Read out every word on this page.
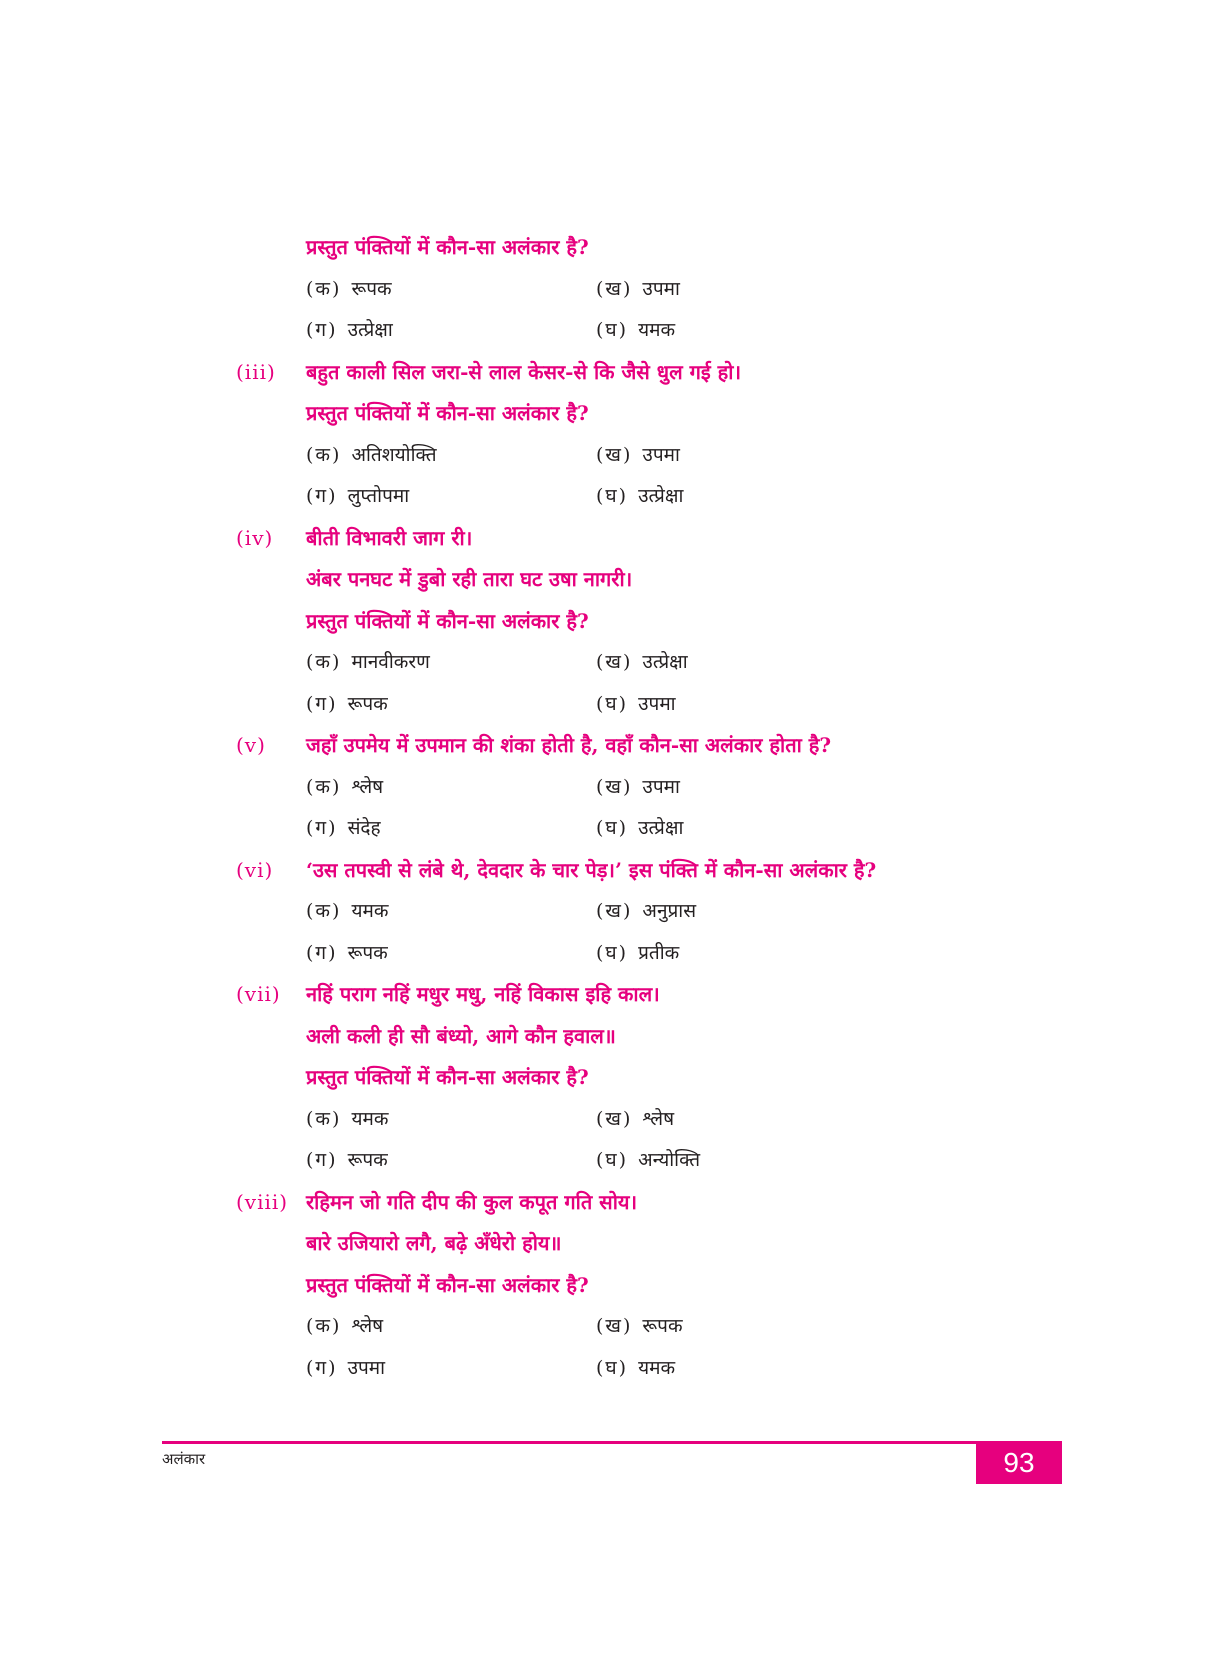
प्रस्तुत पंक्तियों में कौन-सा अलंकार है?
(क) रूपक	(ख) उपमा
(ग) उत्प्रेक्षा	(घ) यमक
(iii) बहुत काली सिल जरा-से लाल केसर-से कि जैसे धुल गई हो।
प्रस्तुत पंक्तियों में कौन-सा अलंकार है?
(क) अतिशयोक्ति	(ख) उपमा
(ग) लुप्तोपमा	(घ) उत्प्रेक्षा
(iv) बीती विभावरी जाग री।
अंबर पनघट में डुबो रही तारा घट उषा नागरी।
प्रस्तुत पंक्तियों में कौन-सा अलंकार है?
(क) मानवीकरण	(ख) उत्प्रेक्षा
(ग) रूपक	(घ) उपमा
(v) जहाँ उपमेय में उपमान की शंका होती है, वहाँ कौन-सा अलंकार होता है?
(क) श्लेष	(ख) उपमा
(ग) संदेह	(घ) उत्प्रेक्षा
(vi) ‘उस तपस्वी से लंबे थे, देवदार के चार पेड़।’ इस पंक्ति में कौन-सा अलंकार है?
(क) यमक	(ख) अनुप्रास
(ग) रूपक	(घ) प्रतीक
(vii) नहिं पराग नहिं मधुर मधु, नहिं विकास इहि काल।
अली कली ही सौ बंध्यो, आगे कौन हवाल॥
प्रस्तुत पंक्तियों में कौन-सा अलंकार है?
(क) यमक	(ख) श्लेष
(ग) रूपक	(घ) अन्योक्ति
(viii) रहिमन जो गति दीप की कुल कपूत गति सोय।
बारे उजियारो लगै, बढ़े अँधेरो होय॥
प्रस्तुत पंक्तियों में कौन-सा अलंकार है?
(क) श्लेष	(ख) रूपक
(ग) उपमा	(घ) यमक
अलंकार	93
